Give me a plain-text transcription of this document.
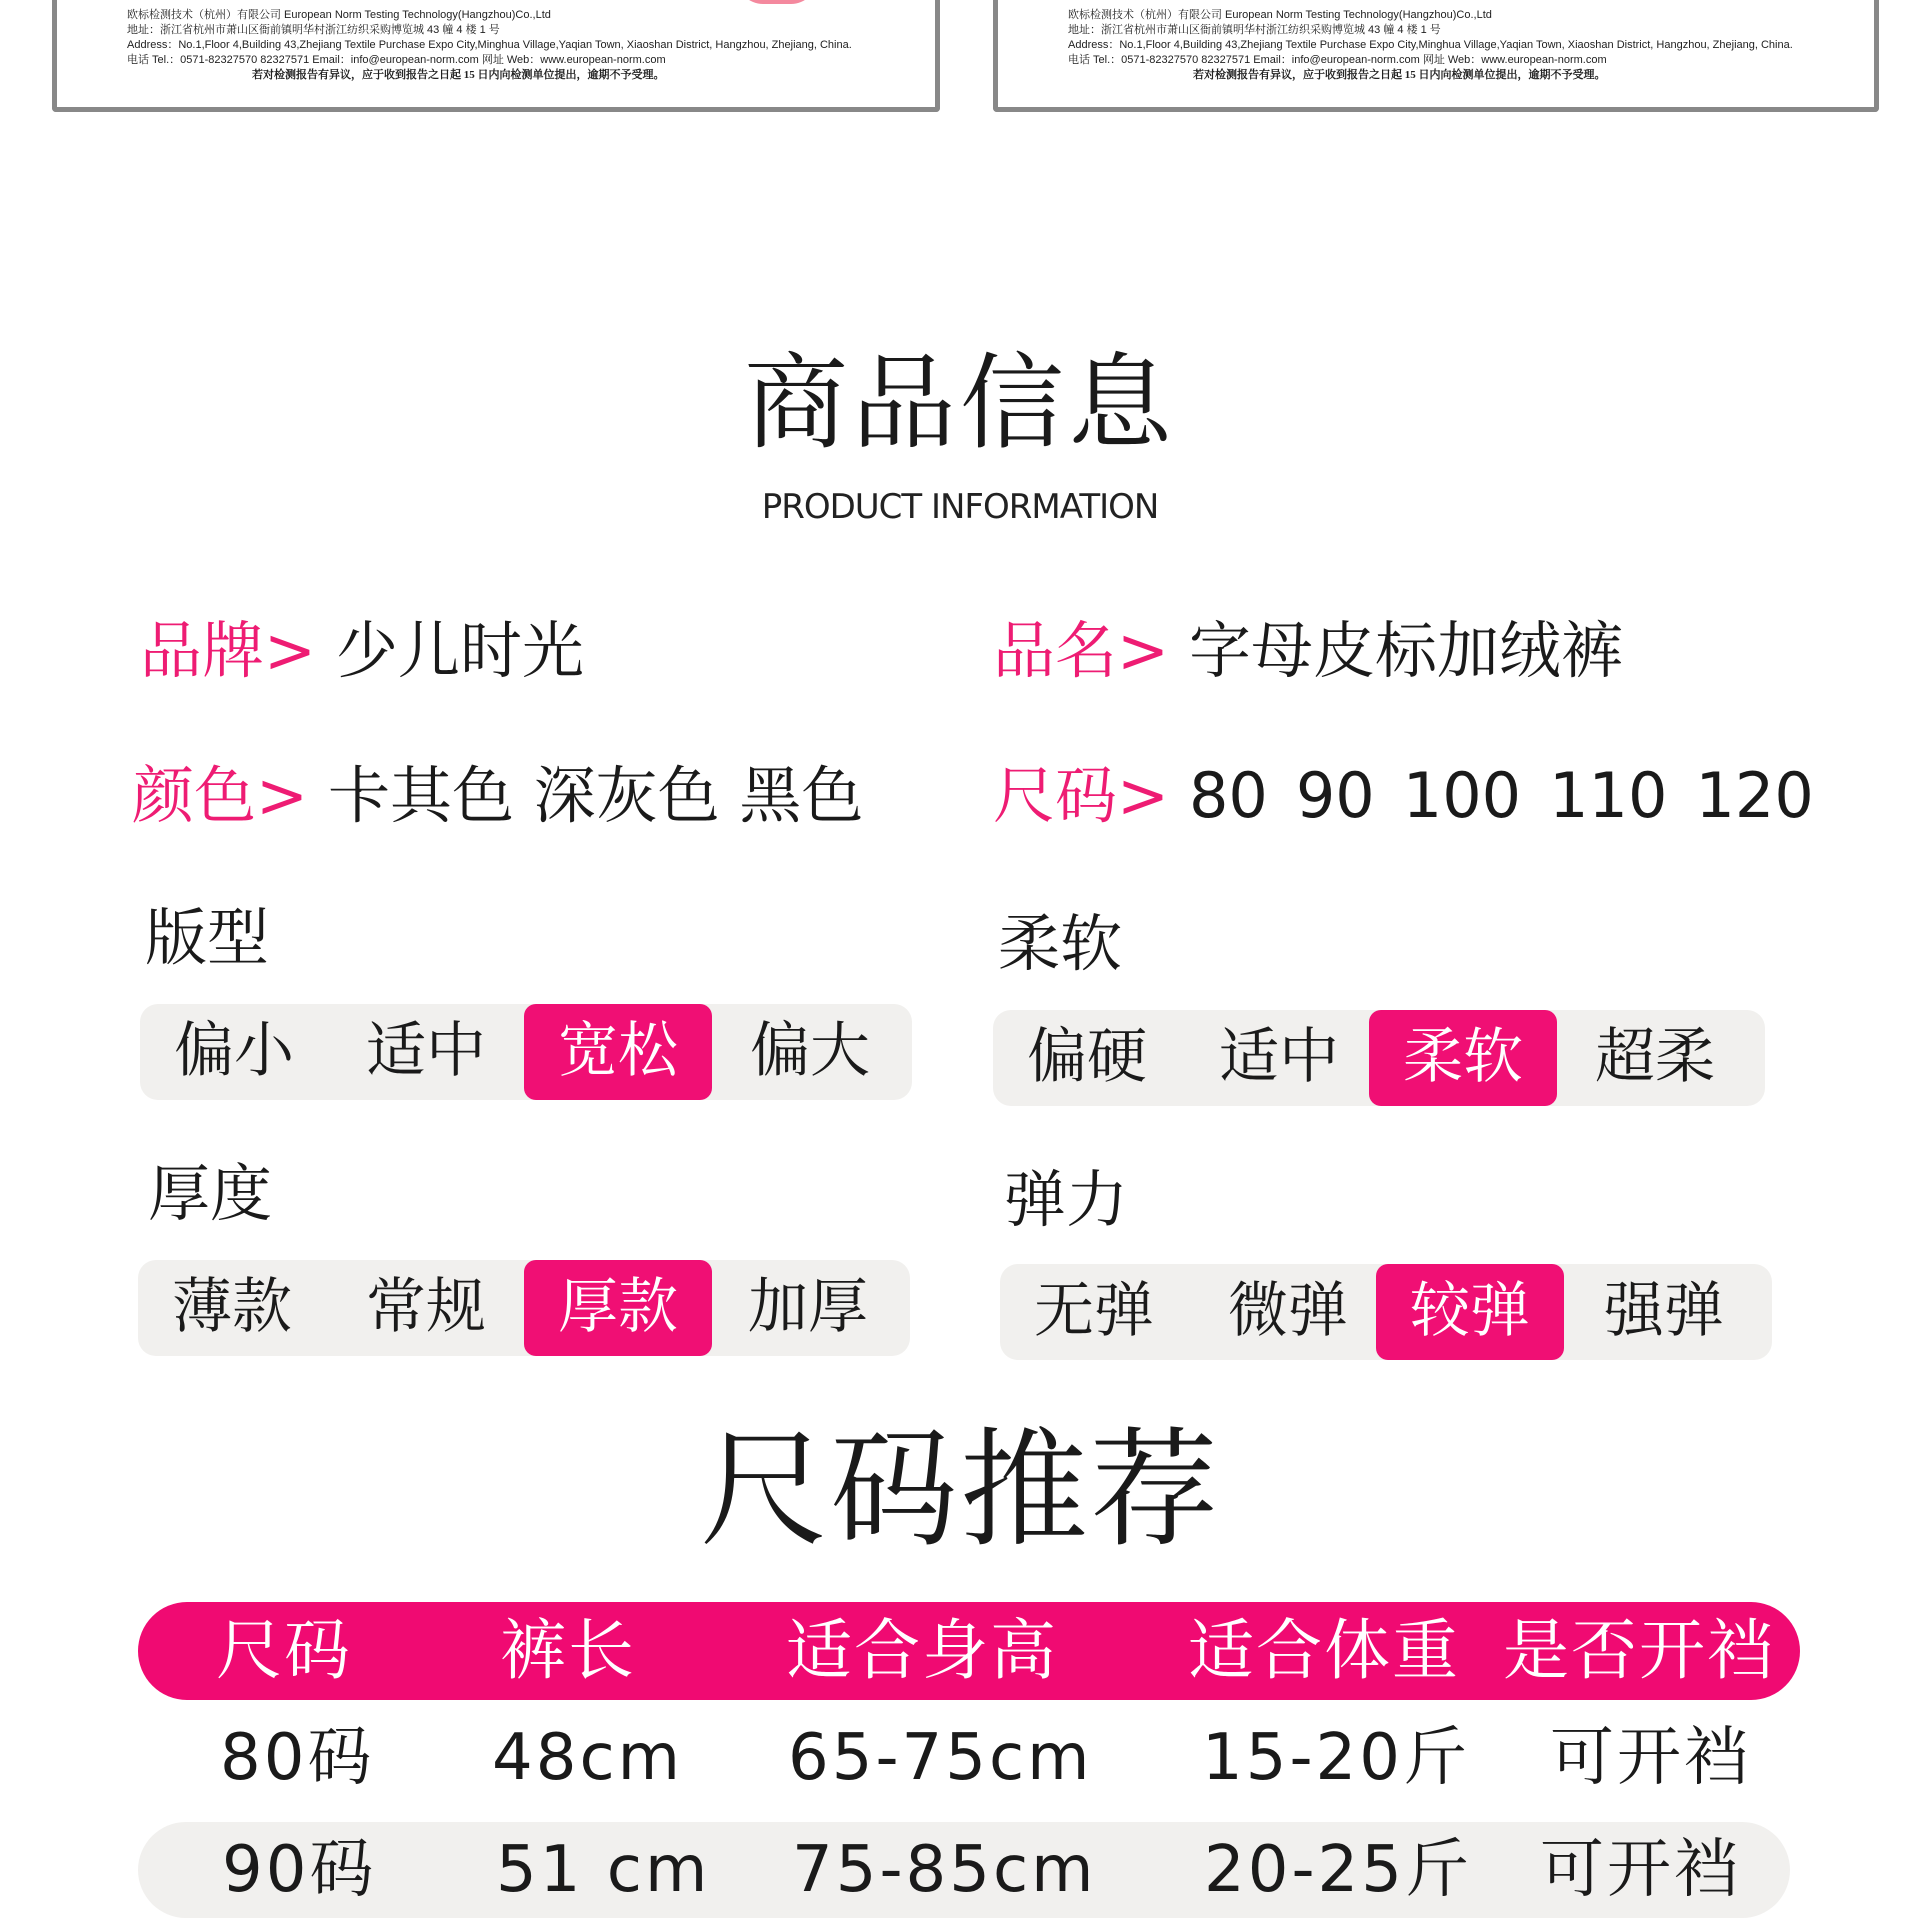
欧标检测技术（杭州）有限公司 European Norm Testing Technology(Hangzhou)Co.,Ltd
地址：浙江省杭州市萧山区衙前镇明华村浙江纺织采购博览城 43 幢 4 楼 1 号
Address：No.1,Floor 4,Building 43,Zhejiang Textile Purchase Expo City,Minghua Village,Yaqian Town, Xiaoshan District, Hangzhou, Zhejiang, China.
电话 Tel.：0571-82327570 82327571 Email：info@european-norm.com 网址 Web：www.european-norm.com
若对检测报告有异议，应于收到报告之日起 15 日内向检测单位提出，逾期不予受理。
欧标检测技术（杭州）有限公司 European Norm Testing Technology(Hangzhou)Co.,Ltd
地址：浙江省杭州市萧山区衙前镇明华村浙江纺织采购博览城 43 幢 4 楼 1 号
Address：No.1,Floor 4,Building 43,Zhejiang Textile Purchase Expo City,Minghua Village,Yaqian Town, Xiaoshan District, Hangzhou, Zhejiang, China.
电话 Tel.：0571-82327570 82327571 Email：info@european-norm.com 网址 Web：www.european-norm.com
若对检测报告有异议，应于收到报告之日起 15 日内向检测单位提出，逾期不予受理。
商品信息
PRODUCT INFORMATION
品牌> 少儿时光	品名> 字母皮标加绒裤
颜色> 卡其色 深灰色 黑色 尺码> 80 90 100 110 120
版型
偏小	适中	宽松	偏大
柔软
偏硬	适中	柔软	超柔
厚度
薄款	常规	厚款	加厚
弹力
无弹	微弹	较弹	强弹
尺码推荐
尺码 裤长 适合身高 适合体重 是否开裆
80码 48cm 65-75cm 15-20斤 可开裆
90码 51 cm 75-85cm 20-25斤 可开裆
